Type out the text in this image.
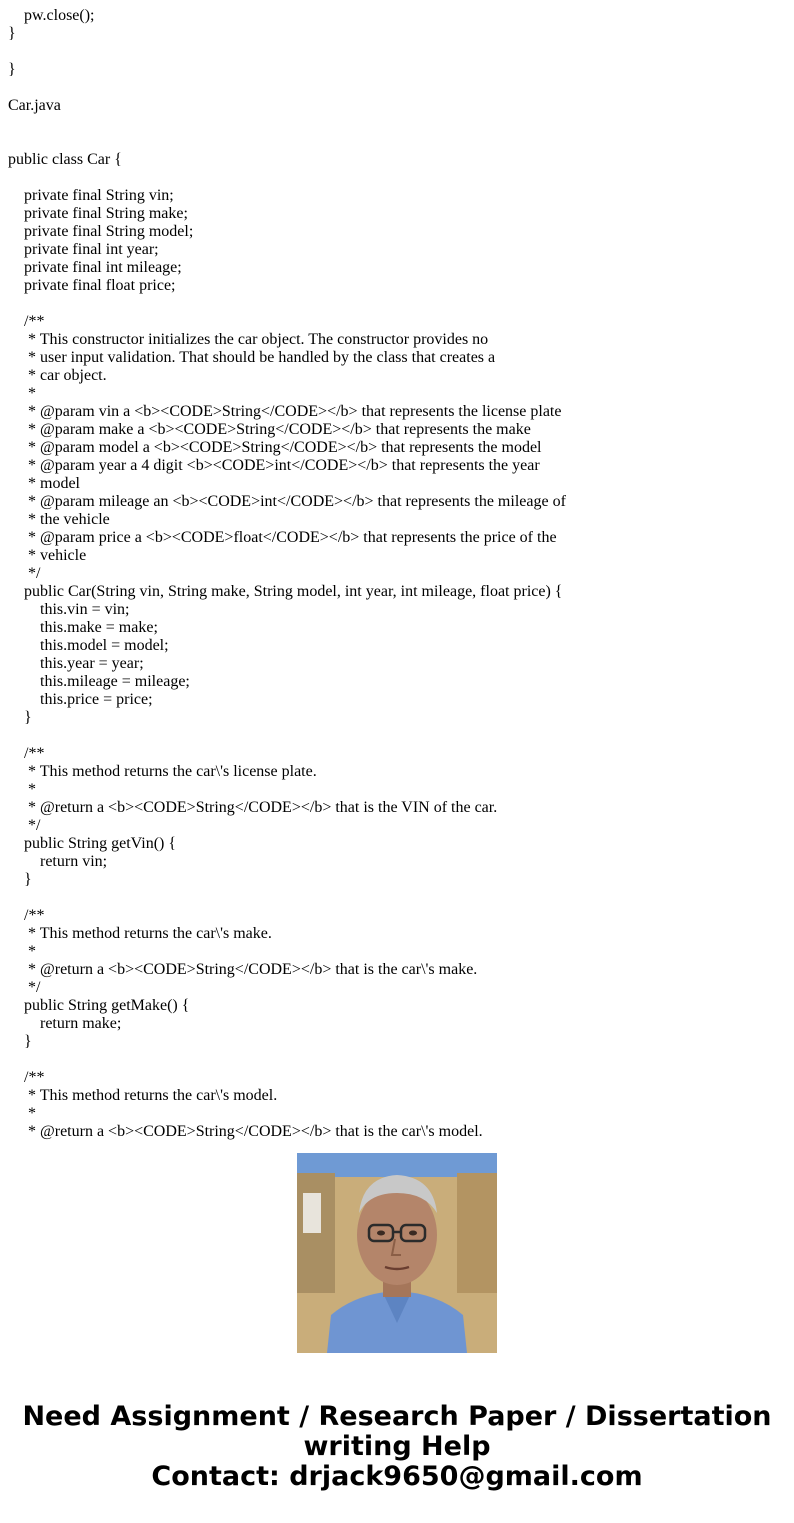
pw.close();
}
}
Car.java
public class Car {
private final String vin;
private final String make;
private final String model;
private final int year;
private final int mileage;
private final float price;
/**
* This constructor initializes the car object. The constructor provides no
* user input validation. That should be handled by the class that creates a
* car object.
*
* @param vin a <b><CODE>String</CODE></b> that represents the license plate
* @param make a <b><CODE>String</CODE></b> that represents the make
* @param model a <b><CODE>String</CODE></b> that represents the model
* @param year a 4 digit <b><CODE>int</CODE></b> that represents the year
* model
* @param mileage an <b><CODE>int</CODE></b> that represents the mileage of
* the vehicle
* @param price a <b><CODE>float</CODE></b> that represents the price of the
* vehicle
*/
public Car(String vin, String make, String model, int year, int mileage, float price) {
this.vin = vin;
this.make = make;
this.model = model;
this.year = year;
this.mileage = mileage;
this.price = price;
}
/**
* This method returns the car\'s license plate.
*
* @return a <b><CODE>String</CODE></b> that is the VIN of the car.
*/
public String getVin() {
return vin;
}
/**
* This method returns the car\'s make.
*
* @return a <b><CODE>String</CODE></b> that is the car\'s make.
*/
public String getMake() {
return make;
}
/**
* This method returns the car\'s model.
*
* @return a <b><CODE>String</CODE></b> that is the car\'s model.
Need Assignment / Research Paper / Dissertation
writing Help
Contact: drjack9650@gmail.com
